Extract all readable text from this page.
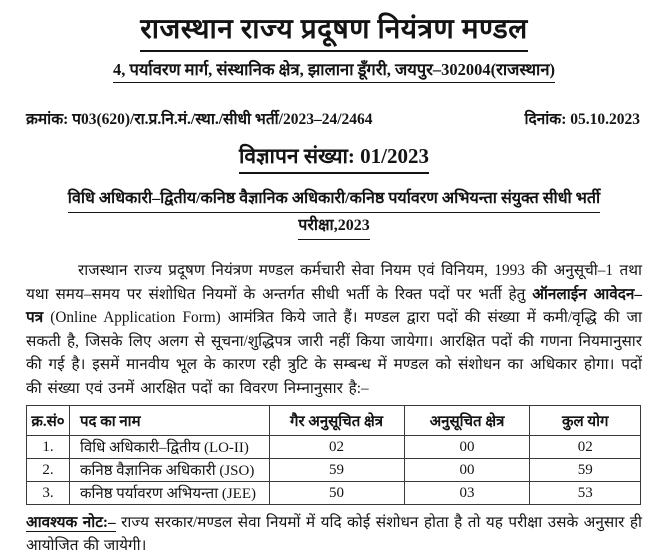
राजस्थान राज्य प्रदूषण नियंत्रण मण्डल
4, पर्यावरण मार्ग, संस्थानिक क्षेत्र, झालाना डूँगरी, जयपुर–302004(राजस्थान)
क्रमांक: प03(620)/रा.प्र.नि.मं./स्था./सीधी भर्ती/2023–24/2464	दिनांक: 05.10.2023
विज्ञापन संख्या: 01/2023
विधि अधिकारी–द्वितीय/कनिष्ठ वैज्ञानिक अधिकारी/कनिष्ठ पर्यावरण अभियन्ता संयुक्त सीधी भर्ती
परीक्षा,2023

राजस्थान राज्य प्रदूषण नियंत्रण मण्डल कर्मचारी सेवा नियम एवं विनियम, 1993 की अनुसूची–1 तथा यथा समय–समय पर संशोधित नियमों के अन्तर्गत सीधी भर्ती के रिक्त पदों पर भर्ती हेतु ऑनलाईन आवेदन–पत्र (Online Application Form) आमंत्रित किये जाते हैं। मण्डल द्वारा पदों की संख्या में कमी/वृद्धि की जा सकती है, जिसके लिए अलग से सूचना/शुद्धिपत्र जारी नहीं किया जायेगा। आरक्षित पदों की गणना नियमानुसार की गई है। इसमें मानवीय भूल के कारण रही त्रुटि के सम्बन्ध में मण्डल को संशोधन का अधिकार होगा। पदों की संख्या एवं उनमें आरक्षित पदों का विवरण निम्नानुसार है:–

क्र.सं०	पद का नाम	गैर अनुसूचित क्षेत्र	अनुसूचित क्षेत्र	कुल योग
1.	विधि अधिकारी–द्वितीय (LO-II)	02	00	02
2.	कनिष्ठ वैज्ञानिक अधिकारी (JSO)	59	00	59
3.	कनिष्ठ पर्यावरण अभियन्ता (JEE)	50	03	53

आवश्यक नोट:– राज्य सरकार/मण्डल सेवा नियमों में यदि कोई संशोधन होता है तो यह परीक्षा उसके अनुसार ही आयोजित की जायेगी।
